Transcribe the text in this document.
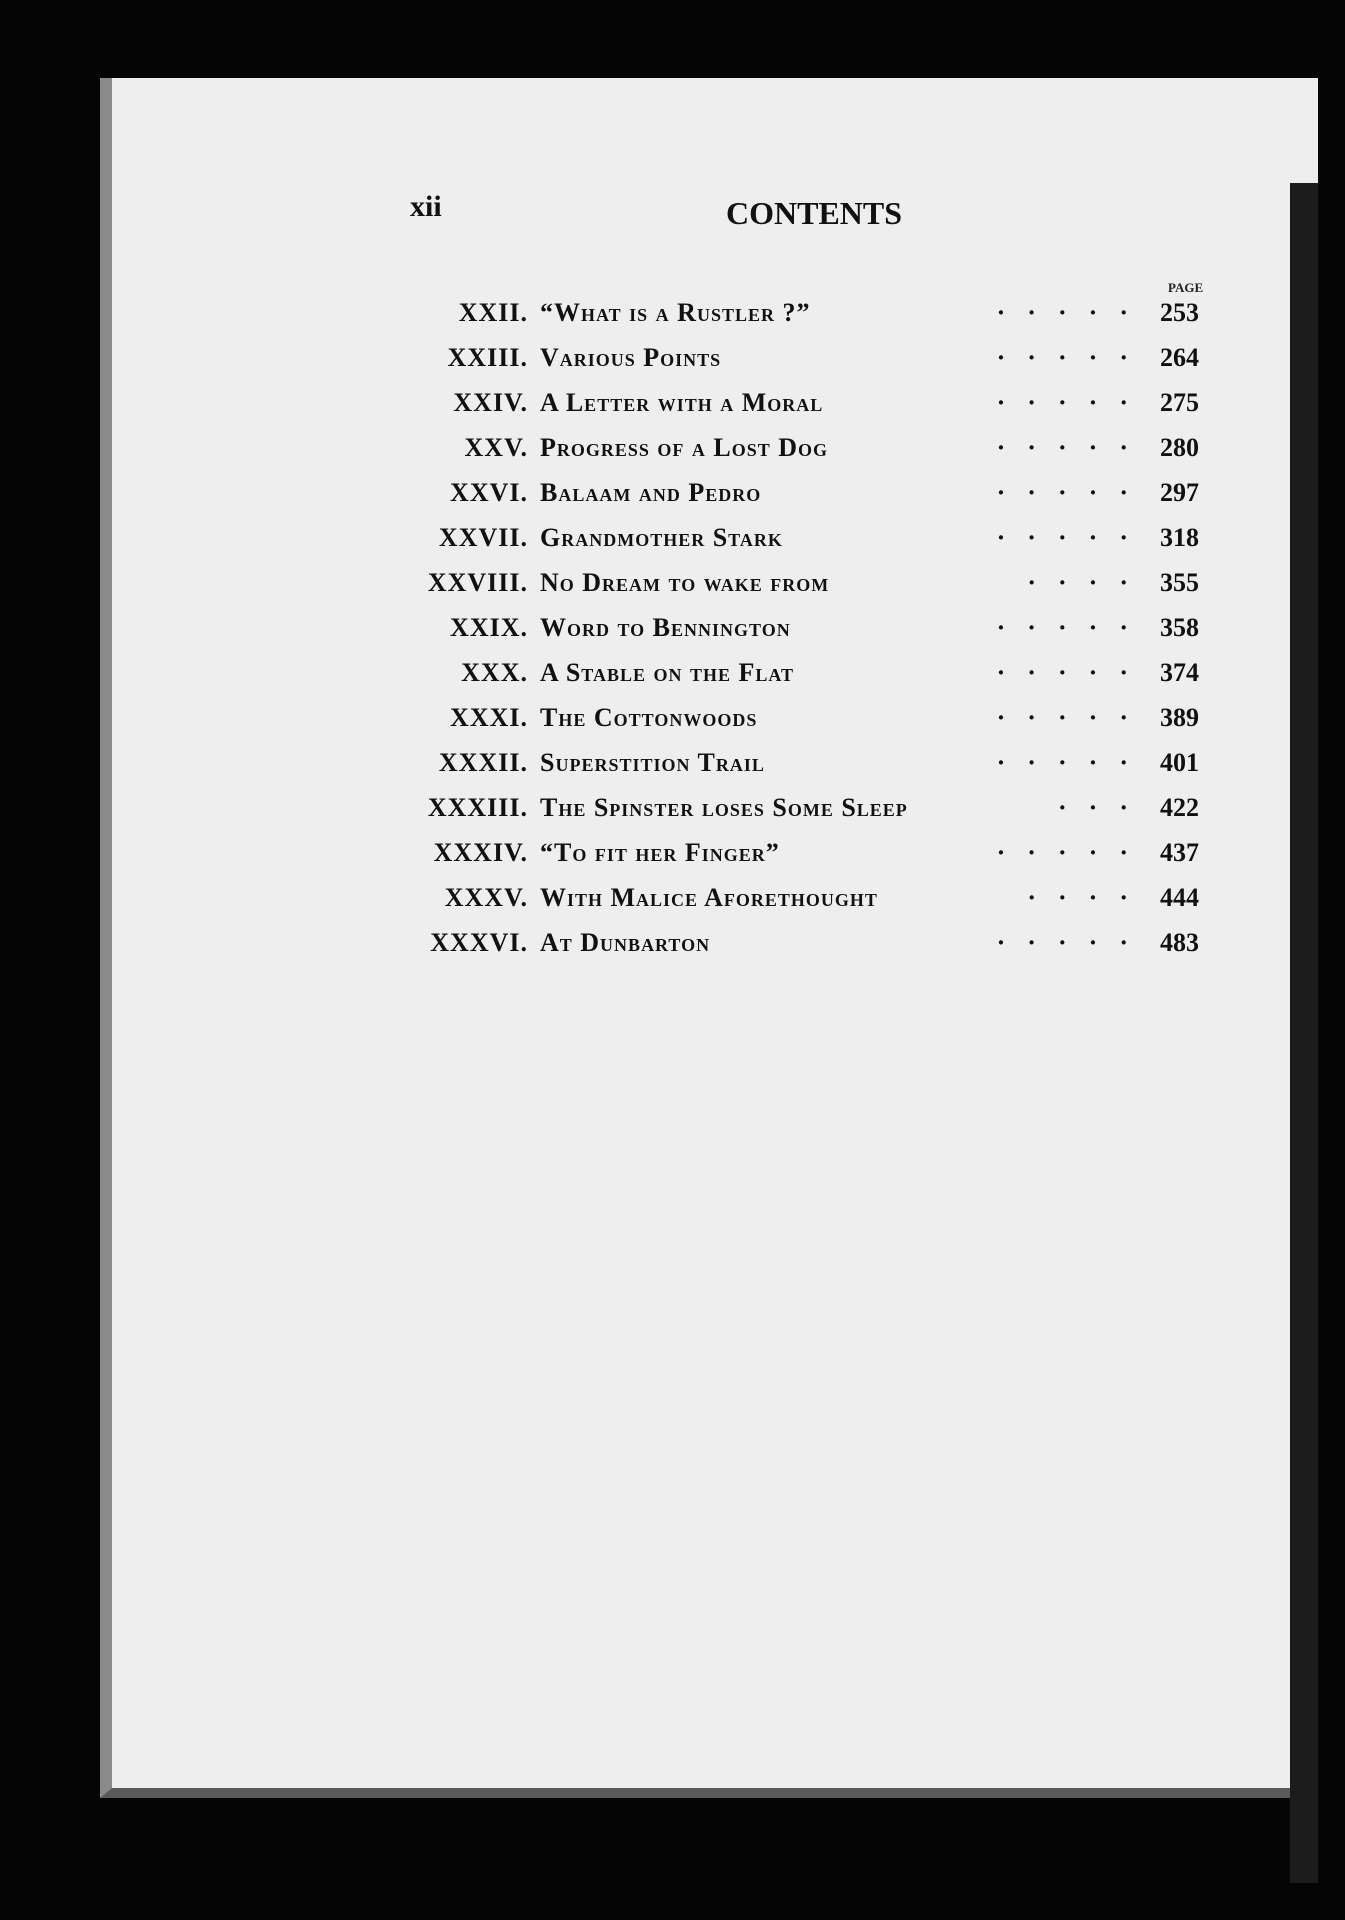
xii	CONTENTS
PAGE
XXII. “What is a Rustler ?”	····· 253
XXIII. Various Points	····· 264
XXIV. A Letter with a Moral	····· 275
XXV. Progress of a Lost Dog	····· 280
XXVI. Balaam and Pedro	····· 297
XXVII. Grandmother Stark	····· 318
XXVIII. No Dream to wake from	···· 355
XXIX. Word to Bennington	····· 358
XXX. A Stable on the Flat	····· 374
XXXI. The Cottonwoods	····· 389
XXXII. Superstition Trail	····· 401
XXXIII. The Spinster loses Some Sleep	··· 422
XXXIV. “To fit her Finger”	····· 437
XXXV. With Malice Aforethought	···· 444
XXXVI. At Dunbarton	····· 483
